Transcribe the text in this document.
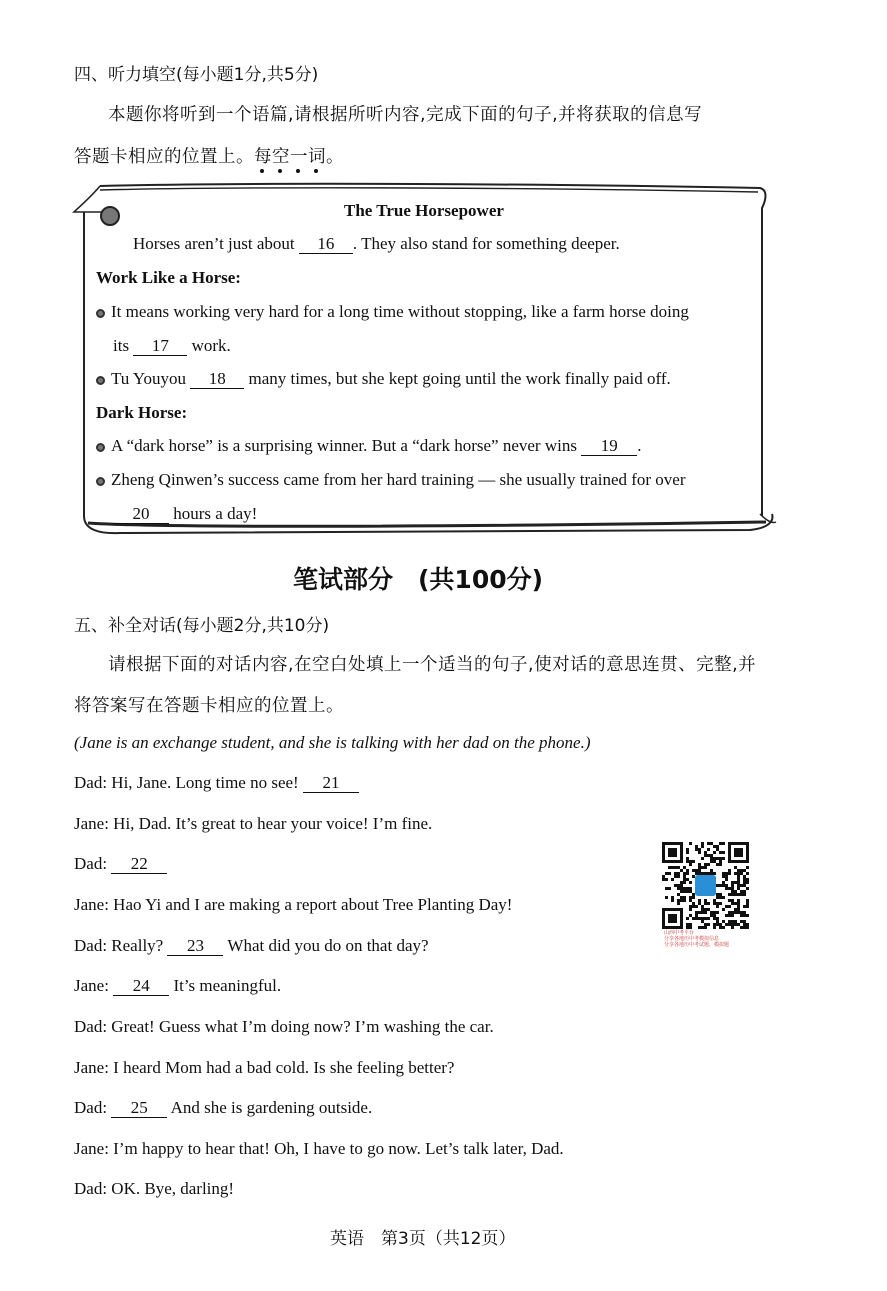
四、听力填空(每小题1分,共5分)
本题你将听到一个语篇,请根据所听内容,完成下面的句子,并将获取的信息写
答题卡相应的位置上。每空一词
。
The True Horsepower
Horses aren’t just about 16 . They also stand for something deeper.
Work Like a Horse:
It means working very hard for a long time without stopping, like a farm horse doing
its 17 work.
Tu Youyou 18 many times, but she kept going until the work finally paid off.
Dark Horse:
A “dark horse” is a surprising winner. But a “dark horse” never wins 19 .
Zheng Qinwen’s success came from her hard training — she usually trained for over
20 hours a day!
笔试部分　(共100分)
五、补全对话(每小题2分,共10分)
请根据下面的对话内容,在空白处填上一个适当的句子,使对话的意思连贯、完整,并
将答案写在答题卡相应的位置上。
(Jane is an exchange student, and she is talking with her dad on the phone.)
Dad: Hi, Jane. Long time no see! 21
Jane: Hi, Dad. It’s great to hear your voice! I’m fine.
Dad: 22
Jane: Hao Yi and I are making a report about Tree Planting Day!
Dad: Really? 23 What did you do on that day?
Jane: 24 It’s meaningful.
Dad: Great! Guess what I’m doing now? I’m washing the car.
Jane: I heard Mom had a bad cold. Is she feeling better?
Dad: 25 And she is gardening outside.
Jane: I’m happy to hear that! Oh, I have to go now. Let’s talk later, Dad.
Dad: OK. Bye, darling!
山西中考平台
分享各地历中考模拟信息
分享各地历中考试题、模拟题
英语　第3页（共12页）
